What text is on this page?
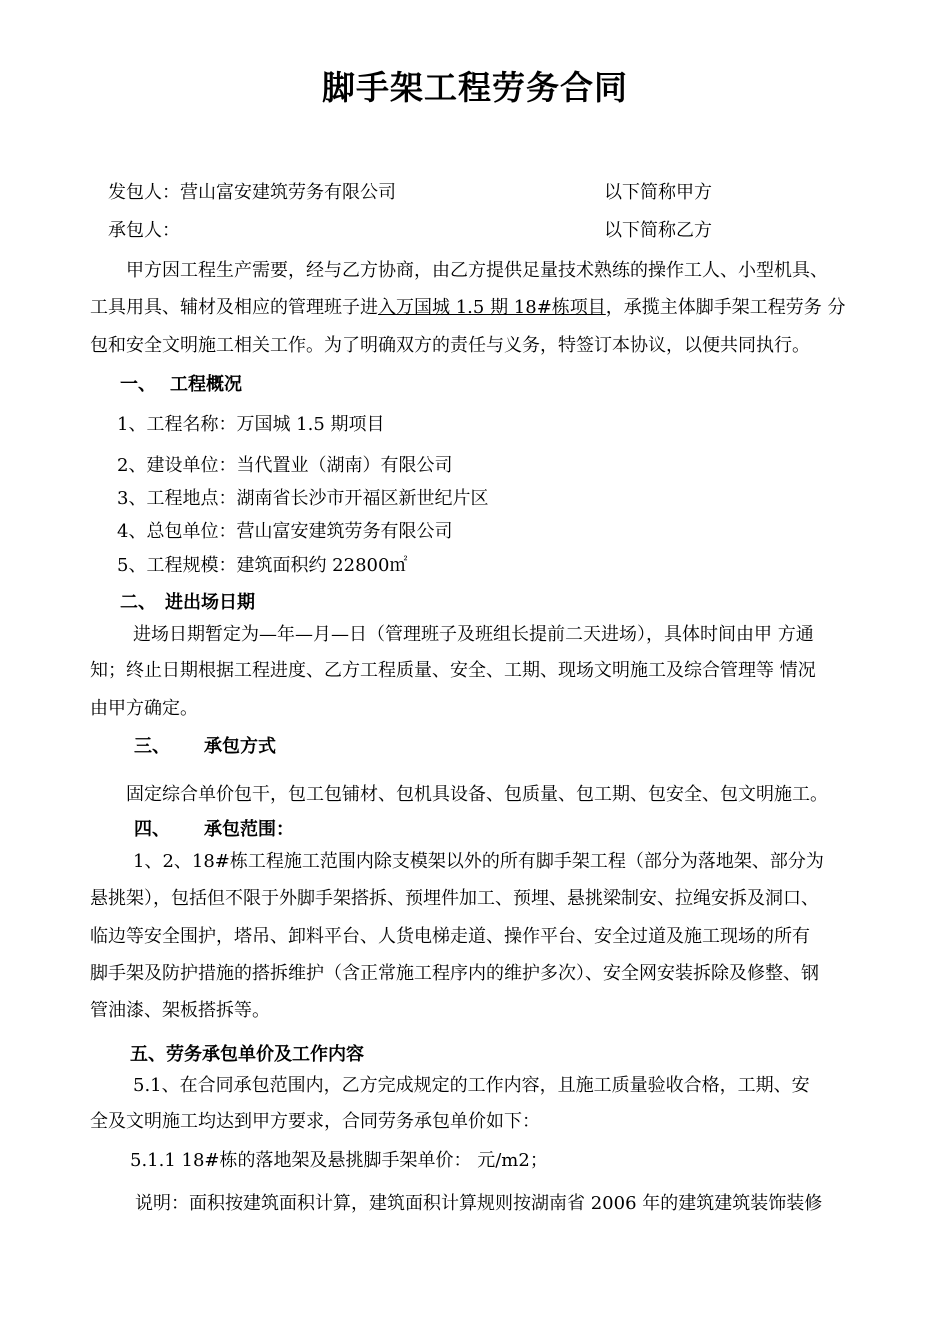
脚手架工程劳务合同
发包人： 营山富安建筑劳务有限公司	以下简称甲方
承包人：	以下简称乙方
甲方因工程生产需要，经与乙方协商，由乙方提供足量技术熟练的操作工人、小型机具、
工具用具、辅材及相应的管理班子进入万国城 1.5 期 18#栋项目，承揽主体脚手架工程劳务 分
包和安全文明施工相关工作。为了明确双方的责任与义务，特签订本协议，以便共同执行。
一、 工程概况
1、工程名称：万国城 1.5 期项目
2、建设单位：当代置业（湖南）有限公司
3、工程地点：湖南省长沙市开福区新世纪片区
4、总包单位：营山富安建筑劳务有限公司
5、工程规模：建筑面积约 22800㎡
二、 进出场日期
进场日期暂定为—年—月—日（管理班子及班组长提前二天进场），具体时间由甲 方通
知；终止日期根据工程进度、乙方工程质量、安全、工期、现场文明施工及综合管理等 情况
由甲方确定。
三、 承包方式
固定综合单价包干，包工包铺材、包机具设备、包质量、包工期、包安全、包文明施工。
四、 承包范围：
1、2、18#栋工程施工范围内除支模架以外的所有脚手架工程（部分为落地架、部分为
悬挑架），包括但不限于外脚手架搭拆、预埋件加工、预埋、悬挑梁制安、拉绳安拆及洞口、
临边等安全围护，塔吊、卸料平台、人货电梯走道、操作平台、安全过道及施工现场的所有
脚手架及防护措施的搭拆维护（含正常施工程序内的维护多次）、安全网安装拆除及修整、钢
管油漆、架板搭拆等。
五、劳务承包单价及工作内容
5.1、在合同承包范围内，乙方完成规定的工作内容，且施工质量验收合格，工期、安
全及文明施工均达到甲方要求，合同劳务承包单价如下：
5.1.1 18#栋的落地架及悬挑脚手架单价： 元/m2；
说明：面积按建筑面积计算，建筑面积计算规则按湖南省 2006 年的建筑建筑装饰装修
